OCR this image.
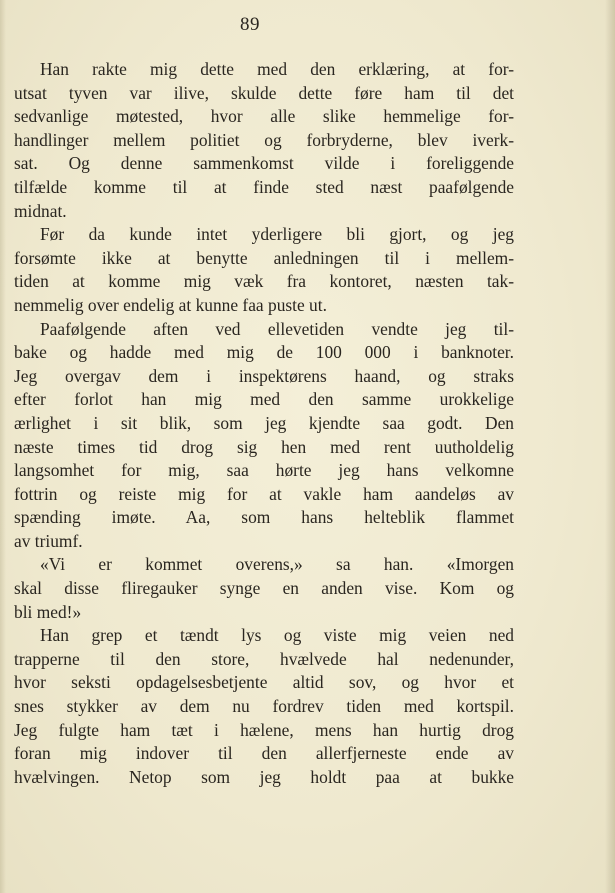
89
Han rakte mig dette med den erklæring, at for-
utsat tyven var ilive, skulde dette føre ham til det
sedvanlige møtested, hvor alle slike hemmelige for-
handlinger mellem politiet og forbryderne, blev iverk-
sat. Og denne sammenkomst vilde i foreliggende
tilfælde komme til at finde sted næst paafølgende
midnat.
Før da kunde intet yderligere bli gjort, og jeg
forsømte ikke at benytte anledningen til i mellem-
tiden at komme mig væk fra kontoret, næsten tak-
nemmelig over endelig at kunne faa puste ut.
Paafølgende aften ved ellevetiden vendte jeg til-
bake og hadde med mig de 100 000 i banknoter.
Jeg overgav dem i inspektørens haand, og straks
efter forlot han mig med den samme urokkelige
ærlighet i sit blik, som jeg kjendte saa godt. Den
næste times tid drog sig hen med rent uutholdelig
langsomhet for mig, saa hørte jeg hans velkomne
fottrin og reiste mig for at vakle ham aandeløs av
spænding imøte. Aa, som hans helteblik flammet
av triumf.
«Vi er kommet overens,» sa han. «Imorgen
skal disse fliregauker synge en anden vise. Kom og
bli med!»
Han grep et tændt lys og viste mig veien ned
trapperne til den store, hvælvede hal nedenunder,
hvor seksti opdagelsesbetjente altid sov, og hvor et
snes stykker av dem nu fordrev tiden med kortspil.
Jeg fulgte ham tæt i hælene, mens han hurtig drog
foran mig indover til den allerfjerneste ende av
hvælvingen. Netop som jeg holdt paa at bukke
